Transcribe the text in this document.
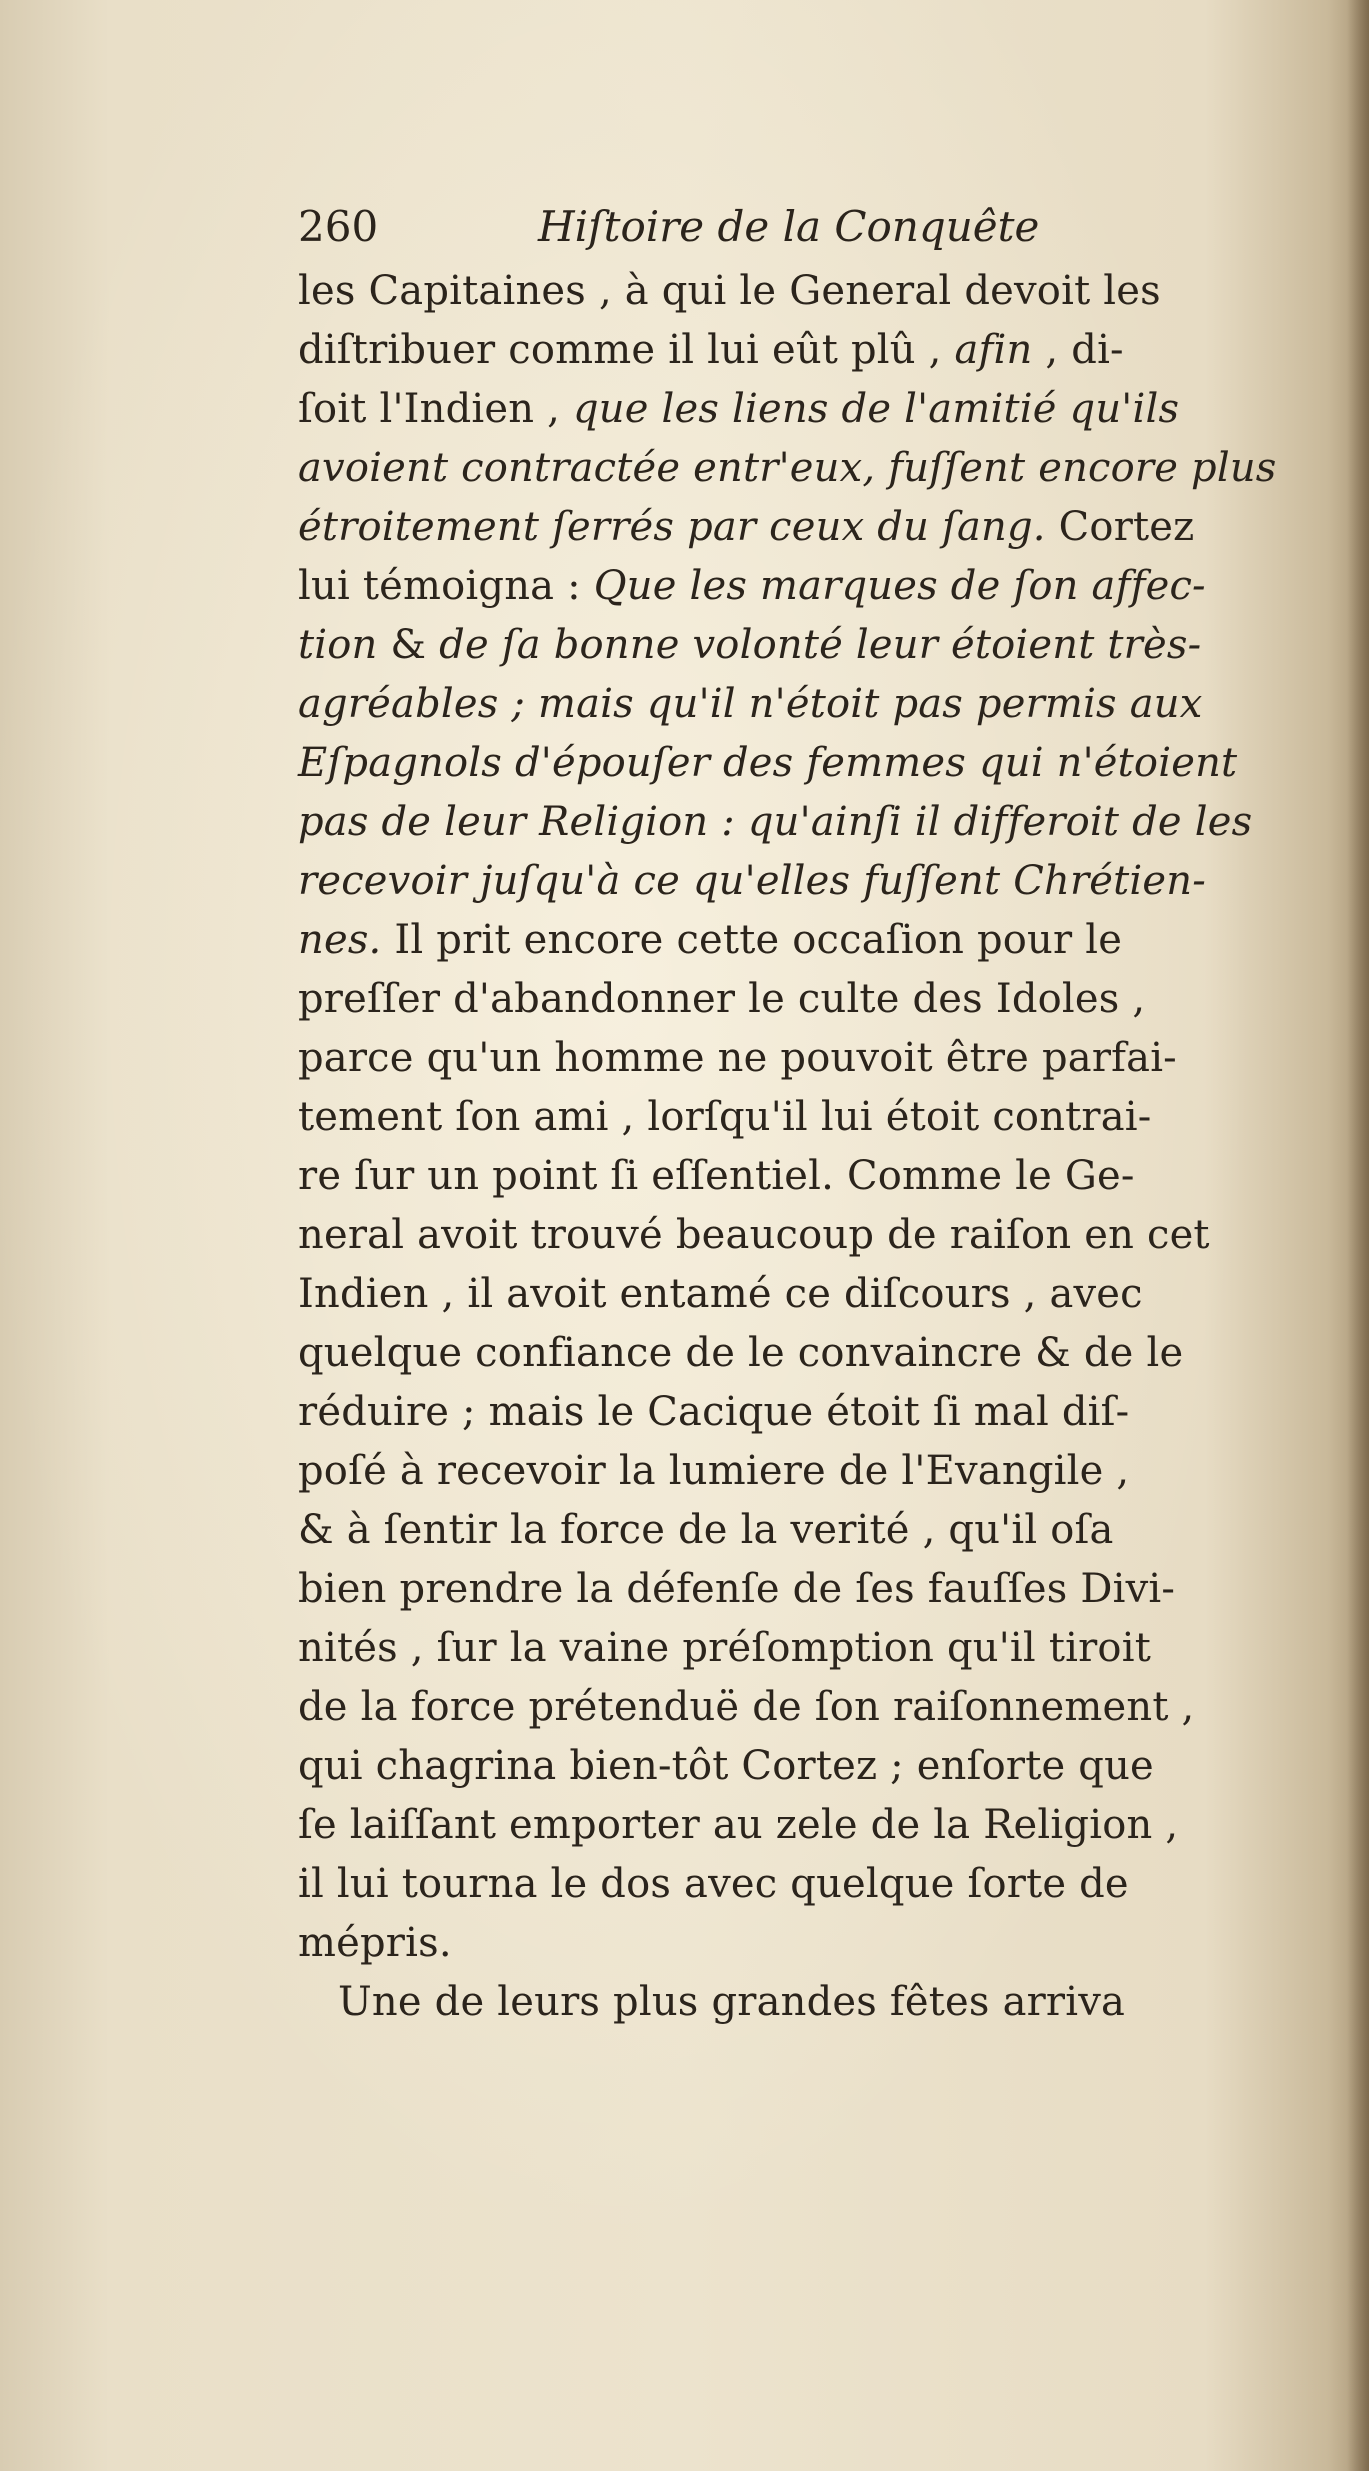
260	Hiſtoire de la Conquête
les Capitaines , à qui le General devoit les
diſtribuer comme il lui eût plû , afin , di-
ſoit l'Indien , que les liens de l'amitié qu'ils
avoient contractée entr'eux, fuſſent encore plus
étroitement ſerrés par ceux du ſang. Cortez
lui témoigna : Que les marques de ſon affec-
tion & de ſa bonne volonté leur étoient très-
agréables ; mais qu'il n'étoit pas permis aux
Eſpagnols d'épouſer des femmes qui n'étoient
pas de leur Religion : qu'ainſi il differoit de les
recevoir juſqu'à ce qu'elles fuſſent Chrétien-
nes. Il prit encore cette occaſion pour le
preſſer d'abandonner le culte des Idoles ,
parce qu'un homme ne pouvoit être parfai-
tement ſon ami , lorſqu'il lui étoit contrai-
re ſur un point ſi eſſentiel. Comme le Ge-
neral avoit trouvé beaucoup de raiſon en cet
Indien , il avoit entamé ce diſcours , avec
quelque confiance de le convaincre & de le
réduire ; mais le Cacique étoit ſi mal diſ-
poſé à recevoir la lumiere de l'Evangile ,
& à ſentir la force de la verité , qu'il oſa
bien prendre la défenſe de ſes fauſſes Divi-
nités , ſur la vaine préſomption qu'il tiroit
de la force prétenduë de ſon raiſonnement ,
qui chagrina bien-tôt Cortez ; enſorte que
ſe laiſſant emporter au zele de la Religion ,
il lui tourna le dos avec quelque ſorte de
mépris.
Une de leurs plus grandes fêtes arriva
